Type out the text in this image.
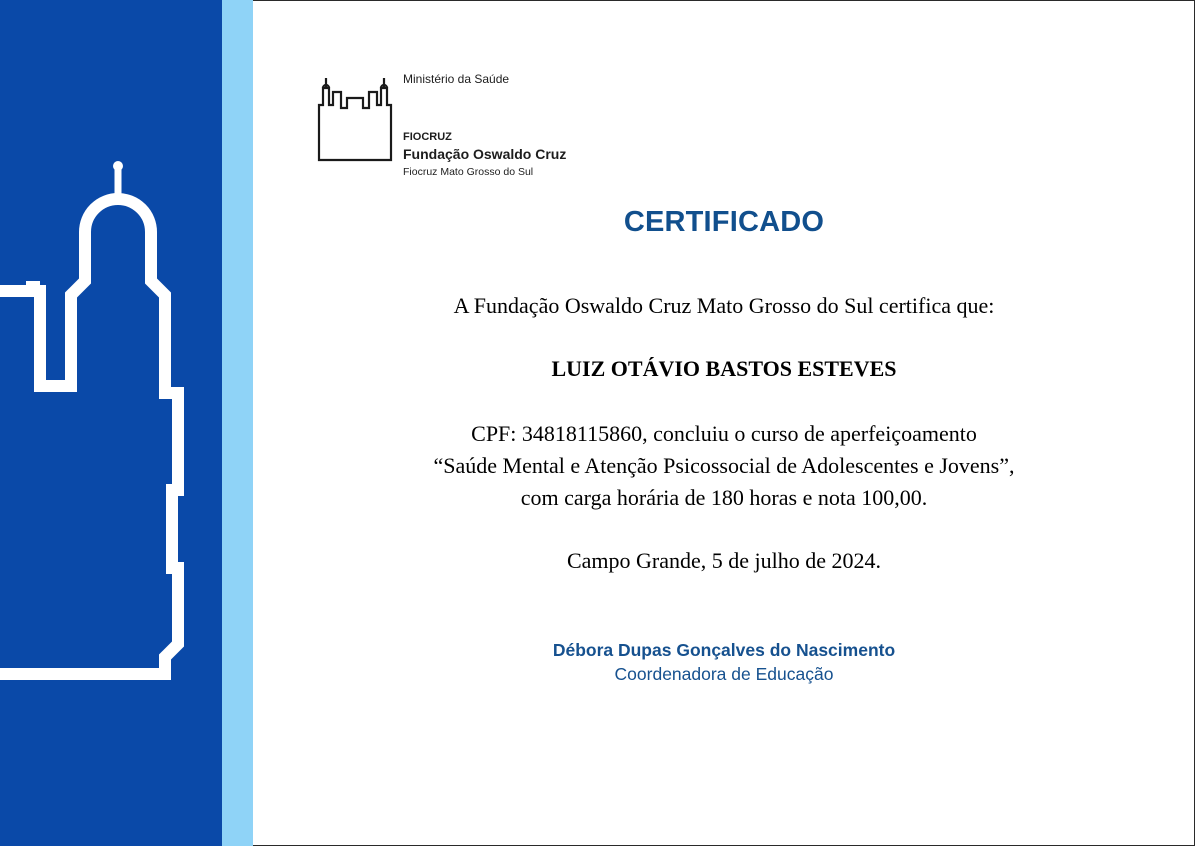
Ministério da Saúde
FIOCRUZ
Fundação Oswaldo Cruz
Fiocruz Mato Grosso do Sul
CERTIFICADO
A Fundação Oswaldo Cruz Mato Grosso do Sul certifica que:
LUIZ OTÁVIO BASTOS ESTEVES
CPF: 34818115860, concluiu o curso de aperfeiçoamento
“Saúde Mental e Atenção Psicossocial de Adolescentes e Jovens”,
com carga horária de 180 horas e nota 100,00.
Campo Grande, 5 de julho de 2024.
Débora Dupas Gonçalves do Nascimento
Coordenadora de Educação
